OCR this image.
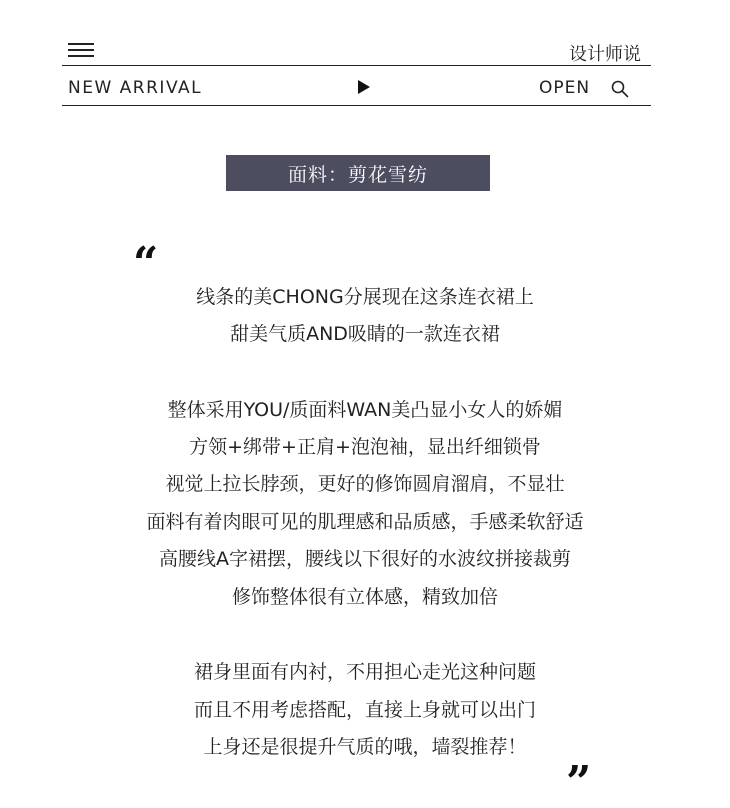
设计师说
NEW ARRIVAL	OPEN
面料：剪花雪纺
“
线条的美CHONG分展现在这条连衣裙上
甜美气质AND吸睛的一款连衣裙
整体采用YOU/质面料WAN美凸显小女人的娇媚
方领+绑带+正肩+泡泡袖，显出纤细锁骨
视觉上拉长脖颈，更好的修饰圆肩溜肩，不显壮
面料有着肉眼可见的肌理感和品质感，手感柔软舒适
高腰线A字裙摆，腰线以下很好的水波纹拼接裁剪
修饰整体很有立体感，精致加倍
裙身里面有内衬，不用担心走光这种问题
而且不用考虑搭配，直接上身就可以出门
上身还是很提升气质的哦，墙裂推荐！
”
